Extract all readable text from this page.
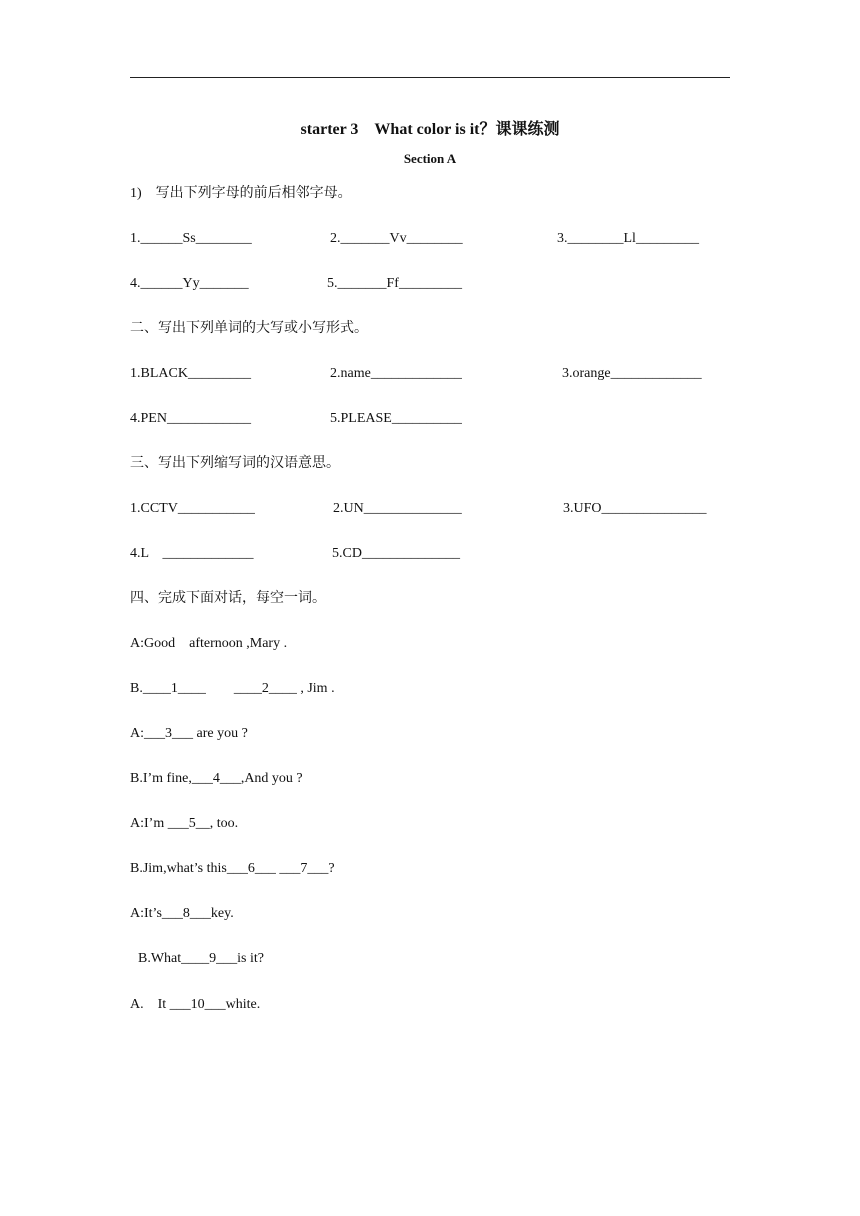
starter 3　What color is it？课课练测
Section A
1)　写出下列字母的前后相邻字母。
1.______Ss________	2._______Vv________	3.________Ll_________
4.______Yy_______	5._______Ff_________
二、写出下列单词的大写或小写形式。
1.BLACK_________	2.name_____________	3.orange_____________
4.PEN____________	5.PLEASE__________
三、写出下列缩写词的汉语意思。
1.CCTV___________	2.UN______________	3.UFO_______________
4.L　_____________	5.CD______________
四、完成下面对话，每空一词。
A:Good　afternoon ,Mary .
B.____1____　　____2____ , Jim .
A:___3___ are you ?
B.I’m fine,___4___,And you ?
A:I’m ___5__, too.
B.Jim,what’s this___6___ ___7___?
A:It’s___8___key.
B.What____9___is it?
A.　It ___10___white.
